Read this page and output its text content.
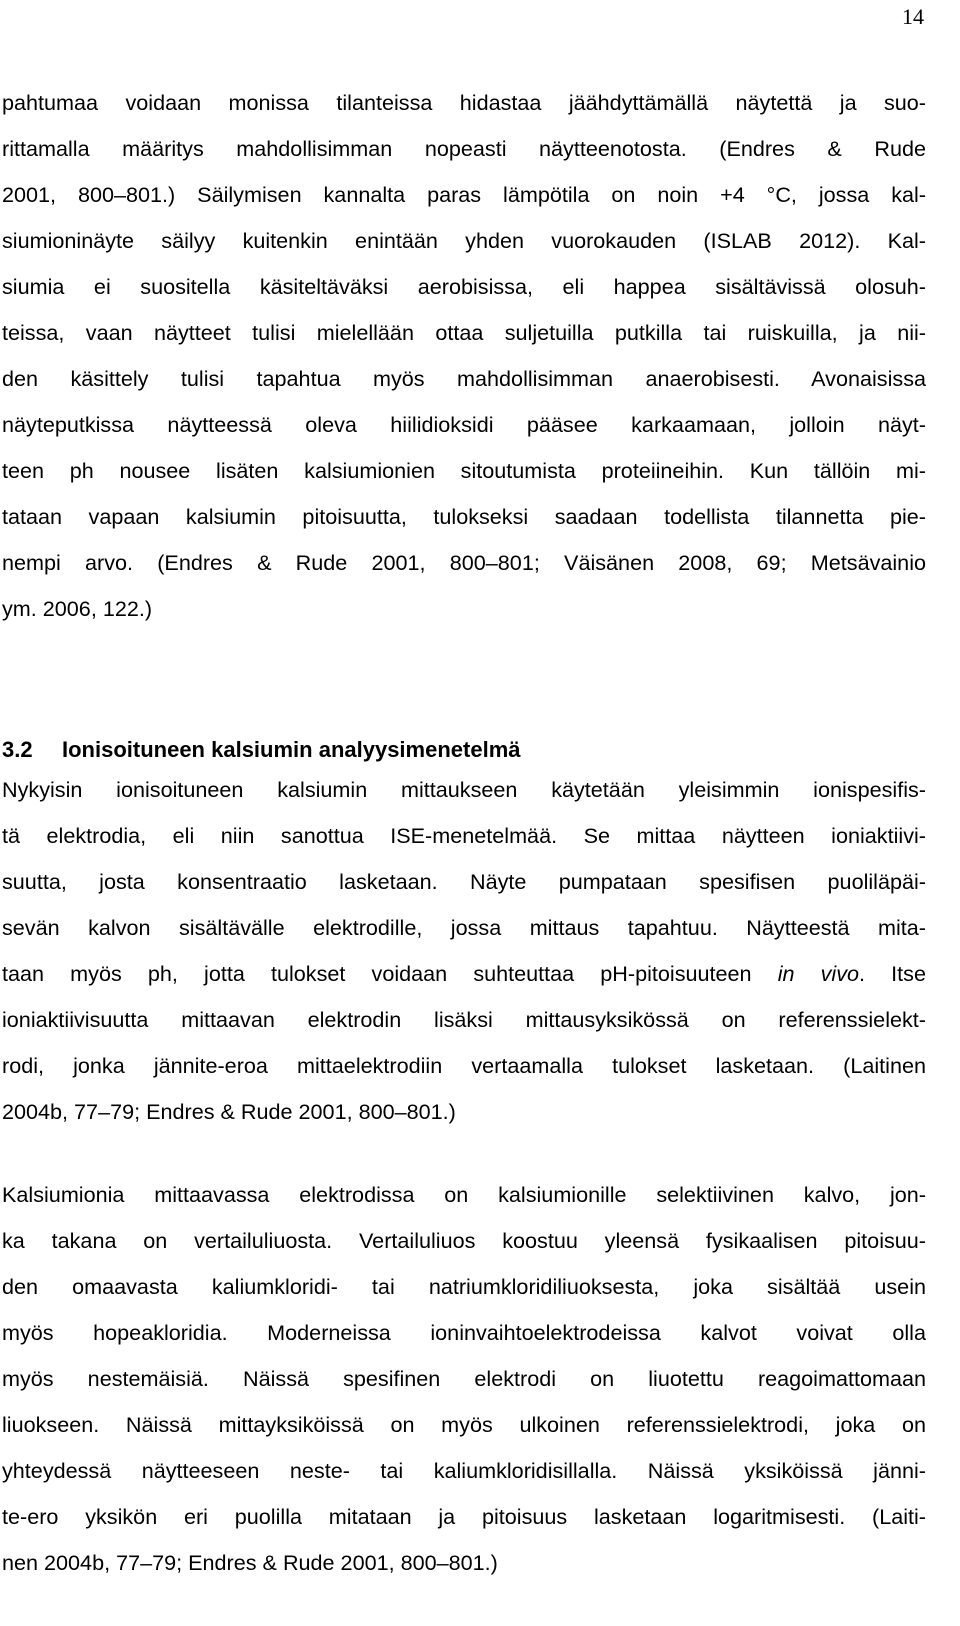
14
pahtumaa voidaan monissa tilanteissa hidastaa jäähdyttämällä näytettä ja suo-
rittamalla määritys mahdollisimman nopeasti näytteenotosta. (Endres & Rude
2001, 800–801.) Säilymisen kannalta paras lämpötila on noin +4 °C, jossa kal-
siumioninäyte säilyy kuitenkin enintään yhden vuorokauden (ISLAB 2012). Kal-
siumia ei suositella käsiteltäväksi aerobisissa, eli happea sisältävissä olosuh-
teissa, vaan näytteet tulisi mielellään ottaa suljetuilla putkilla tai ruiskuilla, ja nii-
den käsittely tulisi tapahtua myös mahdollisimman anaerobisesti. Avonaisissa
näyteputkissa näytteessä oleva hiilidioksidi pääsee karkaamaan, jolloin näyt-
teen ph nousee lisäten kalsiumionien sitoutumista proteiineihin. Kun tällöin mi-
tataan vapaan kalsiumin pitoisuutta, tulokseksi saadaan todellista tilannetta pie-
nempi arvo. (Endres & Rude 2001, 800–801; Väisänen 2008, 69; Metsävainio
ym. 2006, 122.)
3.2 Ionisoituneen kalsiumin analyysimenetelmä
Nykyisin ionisoituneen kalsiumin mittaukseen käytetään yleisimmin ionispesifis-
tä elektrodia, eli niin sanottua ISE-menetelmää. Se mittaa näytteen ioniaktiivi-
suutta, josta konsentraatio lasketaan. Näyte pumpataan spesifisen puoliläpäi-
sevän kalvon sisältävälle elektrodille, jossa mittaus tapahtuu. Näytteestä mita-
taan myös ph, jotta tulokset voidaan suhteuttaa pH-pitoisuuteen in vivo. Itse
ioniaktiivisuutta mittaavan elektrodin lisäksi mittausyksikössä on referenssielekt-
rodi, jonka jännite-eroa mittaelektrodiin vertaamalla tulokset lasketaan. (Laitinen
2004b, 77–79; Endres & Rude 2001, 800–801.)
Kalsiumionia mittaavassa elektrodissa on kalsiumionille selektiivinen kalvo, jon-
ka takana on vertailuliuosta. Vertailuliuos koostuu yleensä fysikaalisen pitoisuu-
den omaavasta kaliumkloridi- tai natriumkloridiliuoksesta, joka sisältää usein
myös hopeakloridia. Moderneissa ioninvaihtoelektrodeissa kalvot voivat olla
myös nestemäisiä. Näissä spesifinen elektrodi on liuotettu reagoimattomaan
liuokseen. Näissä mittayksiköissä on myös ulkoinen referenssielektrodi, joka on
yhteydessä näytteeseen neste- tai kaliumkloridisillalla. Näissä yksiköissä jänni-
te-ero yksikön eri puolilla mitataan ja pitoisuus lasketaan logaritmisesti. (Laiti-
nen 2004b, 77–79; Endres & Rude 2001, 800–801.)
